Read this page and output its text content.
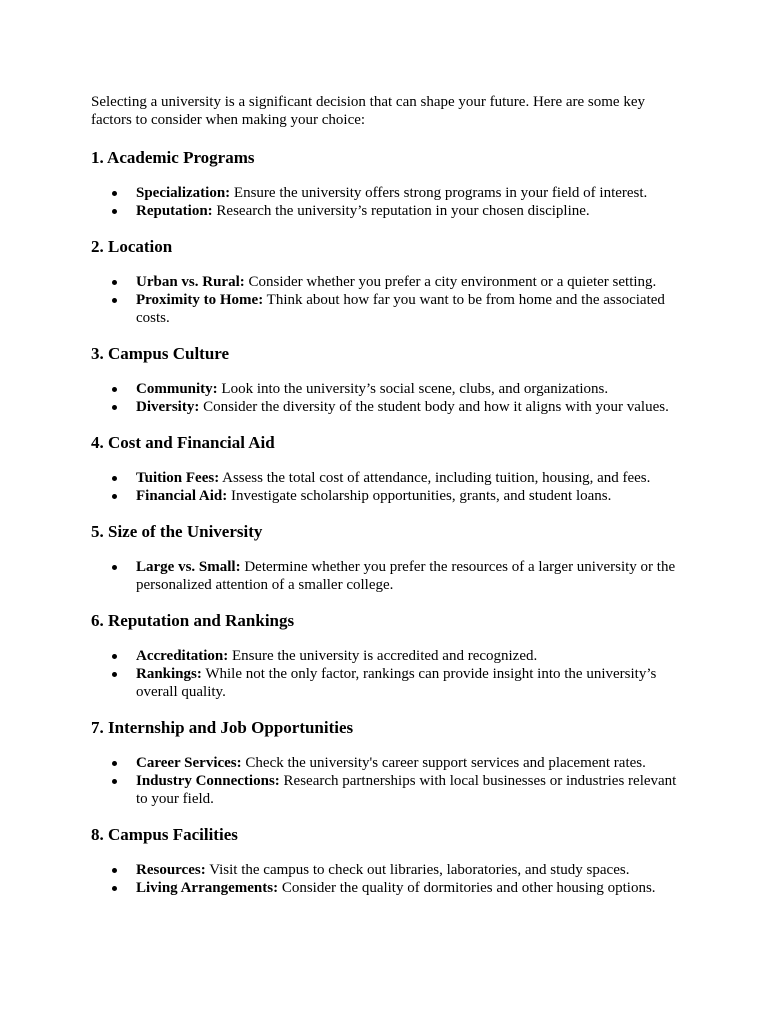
Selecting a university is a significant decision that can shape your future. Here are some key factors to consider when making your choice:

1. Academic Programs
Specialization: Ensure the university offers strong programs in your field of interest.
Reputation: Research the university’s reputation in your chosen discipline.
2. Location
Urban vs. Rural: Consider whether you prefer a city environment or a quieter setting.
Proximity to Home: Think about how far you want to be from home and the associated costs.
3. Campus Culture
Community: Look into the university’s social scene, clubs, and organizations.
Diversity: Consider the diversity of the student body and how it aligns with your values.
4. Cost and Financial Aid
Tuition Fees: Assess the total cost of attendance, including tuition, housing, and fees.
Financial Aid: Investigate scholarship opportunities, grants, and student loans.
5. Size of the University
Large vs. Small: Determine whether you prefer the resources of a larger university or the personalized attention of a smaller college.
6. Reputation and Rankings
Accreditation: Ensure the university is accredited and recognized.
Rankings: While not the only factor, rankings can provide insight into the university’s overall quality.
7. Internship and Job Opportunities
Career Services: Check the university's career support services and placement rates.
Industry Connections: Research partnerships with local businesses or industries relevant to your field.
8. Campus Facilities
Resources: Visit the campus to check out libraries, laboratories, and study spaces.
Living Arrangements: Consider the quality of dormitories and other housing options.
